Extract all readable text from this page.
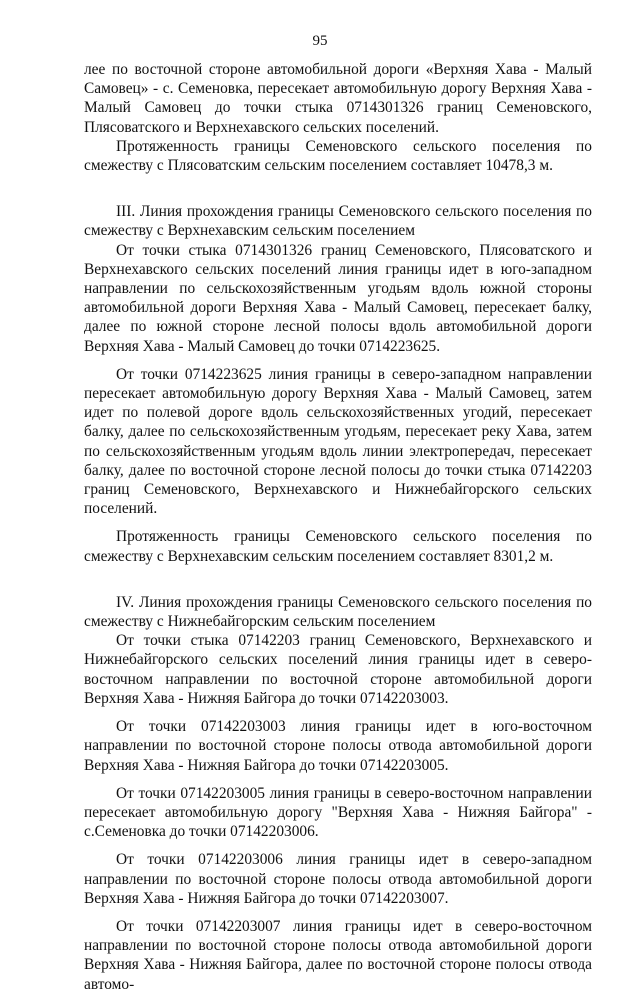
95

лее по восточной стороне автомобильной дороги «Верхняя Хава - Малый Самовец» - с. Семеновка, пересекает автомобильную дорогу Верхняя Хава - Малый Самовец до точки стыка 0714301326 границ Семеновского, Плясоватского и Верхнехавского сельских поселений.

Протяженность границы Семеновского сельского поселения по смежеству с Плясоватским сельским поселением составляет 10478,3 м.

III. Линия прохождения границы Семеновского сельского поселения по смежеству с Верхнехавским сельским поселением

От точки стыка 0714301326 границ Семеновского, Плясоватского и Верхнехавского сельских поселений линия границы идет в юго-западном направлении по сельскохозяйственным угодьям вдоль южной стороны автомобильной дороги Верхняя Хава - Малый Самовец, пересекает балку, далее по южной стороне лесной полосы вдоль автомобильной дороги Верхняя Хава - Малый Самовец до точки 0714223625.

От точки 0714223625 линия границы в северо-западном направлении пересекает автомобильную дорогу Верхняя Хава - Малый Самовец, затем идет по полевой дороге вдоль сельскохозяйственных угодий, пересекает балку, далее по сельскохозяйственным угодьям, пересекает реку Хава, затем по сельскохозяйственным угодьям вдоль линии электропередач, пересекает балку, далее по восточной стороне лесной полосы до точки стыка 07142203 границ Семеновского, Верхнехавского и Нижнебайгорского сельских поселений.

Протяженность границы Семеновского сельского поселения по смежеству с Верхнехавским сельским поселением составляет 8301,2 м.

IV. Линия прохождения границы Семеновского сельского поселения по смежеству с Нижнебайгорским сельским поселением

От точки стыка 07142203 границ Семеновского, Верхнехавского и Нижнебайгорского сельских поселений линия границы идет в северо-восточном направлении по восточной стороне автомобильной дороги Верхняя Хава - Нижняя Байгора до точки 07142203003.

От точки 07142203003 линия границы идет в юго-восточном направлении по восточной стороне полосы отвода автомобильной дороги Верхняя Хава - Нижняя Байгора до точки 07142203005.

От точки 07142203005 линия границы в северо-восточном направлении пересекает автомобильную дорогу "Верхняя Хава - Нижняя Байгора" - с.Семеновка до точки 07142203006.

От точки 07142203006 линия границы идет в северо-западном направлении по восточной стороне полосы отвода автомобильной дороги Верхняя Хава - Нижняя Байгора до точки 07142203007.

От точки 07142203007 линия границы идет в северо-восточном направлении по восточной стороне полосы отвода автомобильной дороги Верхняя Хава - Нижняя Байгора, далее по восточной стороне полосы отвода автомо-
